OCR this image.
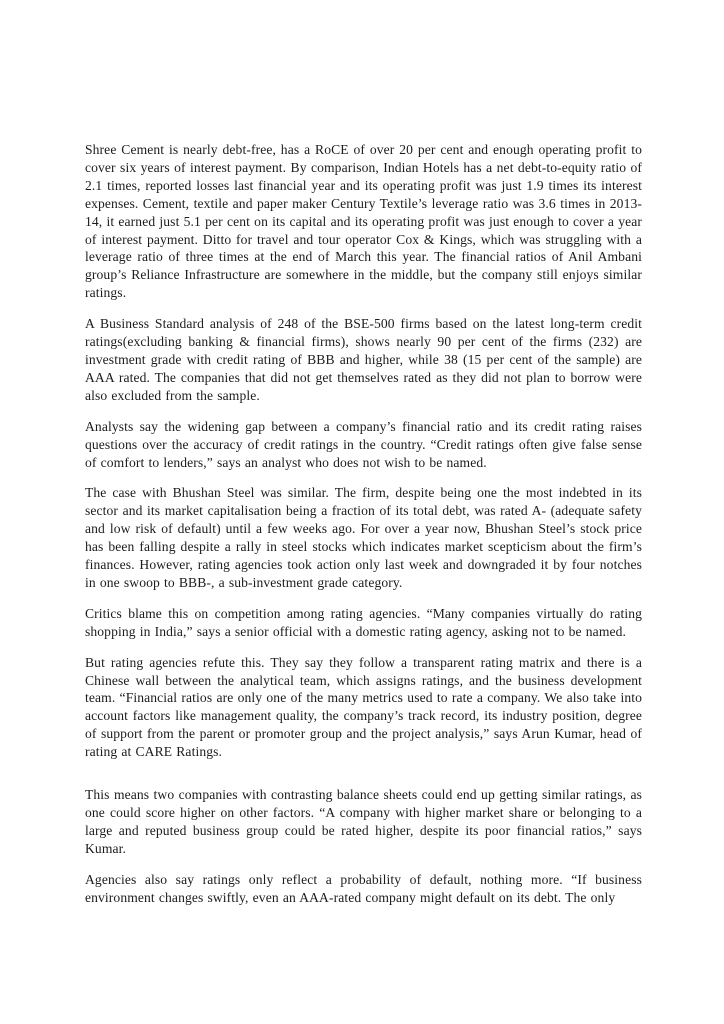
Shree Cement is nearly debt-free, has a RoCE of over 20 per cent and enough operating profit to cover six years of interest payment. By comparison, Indian Hotels has a net debt-to-equity ratio of 2.1 times, reported losses last financial year and its operating profit was just 1.9 times its interest expenses. Cement, textile and paper maker Century Textile’s leverage ratio was 3.6 times in 2013-14, it earned just 5.1 per cent on its capital and its operating profit was just enough to cover a year of interest payment. Ditto for travel and tour operator Cox & Kings, which was struggling with a leverage ratio of three times at the end of March this year. The financial ratios of Anil Ambani group’s Reliance Infrastructure are somewhere in the middle, but the company still enjoys similar ratings.

A Business Standard analysis of 248 of the BSE-500 firms based on the latest long-term credit ratings(excluding banking & financial firms), shows nearly 90 per cent of the firms (232) are investment grade with credit rating of BBB and higher, while 38 (15 per cent of the sample) are AAA rated. The companies that did not get themselves rated as they did not plan to borrow were also excluded from the sample.

Analysts say the widening gap between a company’s financial ratio and its credit rating raises questions over the accuracy of credit ratings in the country. “Credit ratings often give false sense of comfort to lenders,” says an analyst who does not wish to be named.

The case with Bhushan Steel was similar. The firm, despite being one the most indebted in its sector and its market capitalisation being a fraction of its total debt, was rated A- (adequate safety and low risk of default) until a few weeks ago. For over a year now, Bhushan Steel’s stock price has been falling despite a rally in steel stocks which indicates market scepticism about the firm’s finances. However, rating agencies took action only last week and downgraded it by four notches in one swoop to BBB-, a sub-investment grade category.

Critics blame this on competition among rating agencies. “Many companies virtually do rating shopping in India,” says a senior official with a domestic rating agency, asking not to be named.

But rating agencies refute this. They say they follow a transparent rating matrix and there is a Chinese wall between the analytical team, which assigns ratings, and the business development team. “Financial ratios are only one of the many metrics used to rate a company. We also take into account factors like management quality, the company’s track record, its industry position, degree of support from the parent or promoter group and the project analysis,” says Arun Kumar, head of rating at CARE Ratings.

This means two companies with contrasting balance sheets could end up getting similar ratings, as one could score higher on other factors. “A company with higher market share or belonging to a large and reputed business group could be rated higher, despite its poor financial ratios,” says Kumar.

Agencies also say ratings only reflect a probability of default, nothing more. “If business environment changes swiftly, even an AAA-rated company might default on its debt. The only
